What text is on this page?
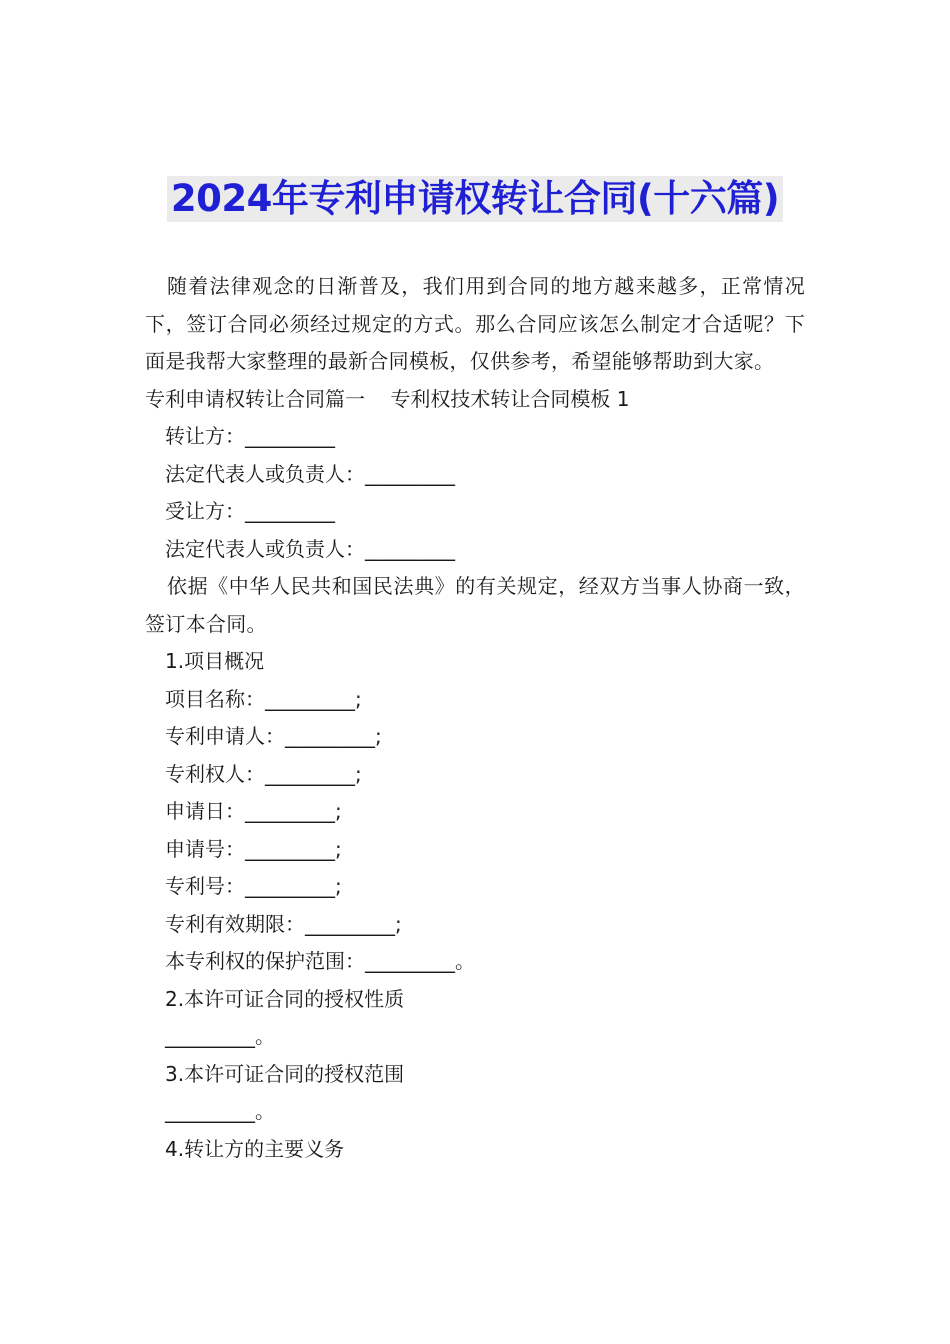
2024年专利申请权转让合同(十六篇)

随着法律观念的日渐普及，我们用到合同的地方越来越多，正常情况下，签订合同必须经过规定的方式。那么合同应该怎么制定才合适呢？下面是我帮大家整理的最新合同模板，仅供参考，希望能够帮助到大家。

专利申请权转让合同篇一    专利权技术转让合同模板 1

转让方：_________

法定代表人或负责人：_________

受让方：_________

法定代表人或负责人：_________

依据《中华人民共和国民法典》的有关规定，经双方当事人协商一致，签订本合同。

1.项目概况

项目名称：_________;

专利申请人：_________;

专利权人：_________;

申请日：_________;

申请号：_________;

专利号：_________;

专利有效期限：_________;

本专利权的保护范围：_________。

2.本许可证合同的授权性质

_________。

3.本许可证合同的授权范围

_________。

4.转让方的主要义务
